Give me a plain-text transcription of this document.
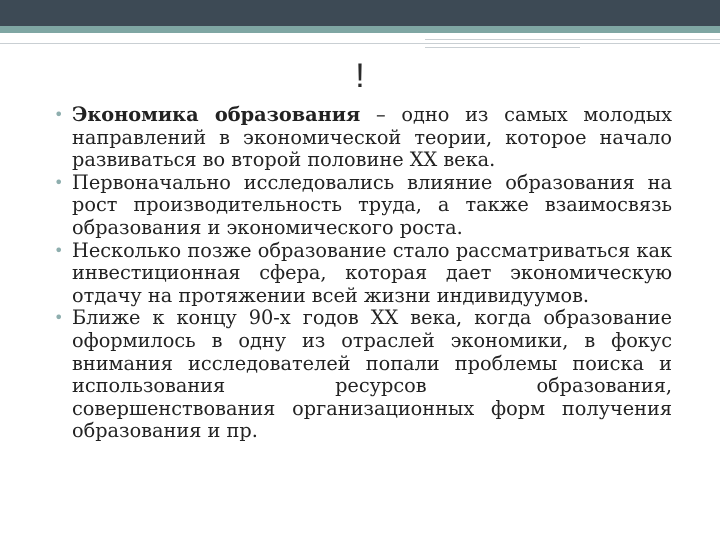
!
• Экономика образования – одно из самых молодых направлений в экономической теории, которое начало развиваться во второй половине XX века.
• Первоначально исследовались влияние образования на рост производительность труда, а также взаимосвязь образования и экономического роста.
• Несколько позже образование стало рассматриваться как инвестиционная сфера, которая дает экономическую отдачу на протяжении всей жизни индивидуумов.
• Ближе к концу 90-х годов XX века, когда образование оформилось в одну из отраслей экономики, в фокус внимания исследователей попали проблемы поиска и использования ресурсов образования, совершенствования организационных форм получения образования и пр.
